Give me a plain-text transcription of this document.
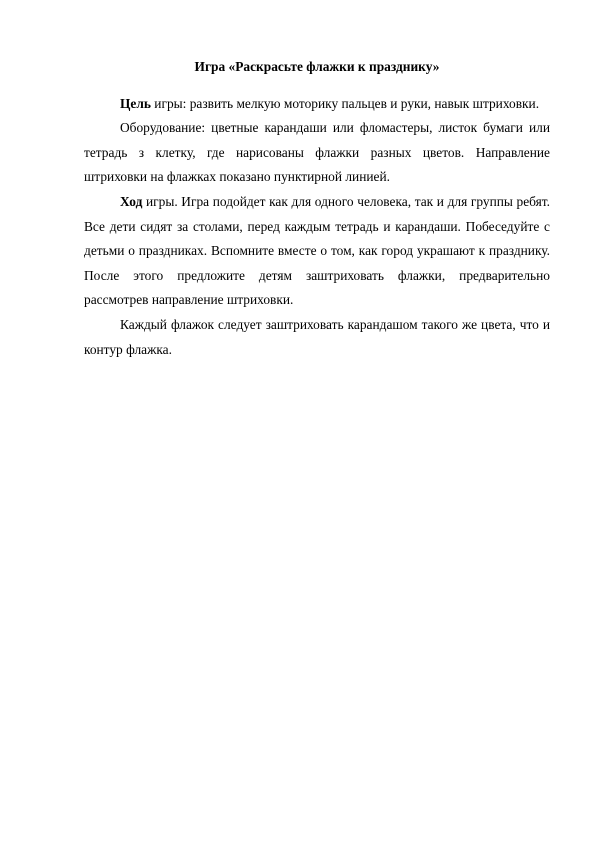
Игра «Раскрасьте флажки к празднику»

Цель игры: развить мелкую моторику пальцев и руки, навык штриховки.

Оборудование: цветные карандаши или фломастеры, листок бумаги или тетрадь з клетку, где нарисованы флажки разных цветов. Направление штриховки на флажках показано пунктирной линией.

Ход игры. Игра подойдет как для одного человека, так и для группы ребят. Все дети сидят за столами, перед каждым тетрадь и карандаши. Побеседуйте с детьми о праздниках. Вспомните вместе о том, как город украшают к празднику. После этого предложите детям заштриховать флажки, предварительно рассмотрев направление штриховки.

Каждый флажок следует заштриховать карандашом такого же цвета, что и контур флажка.
